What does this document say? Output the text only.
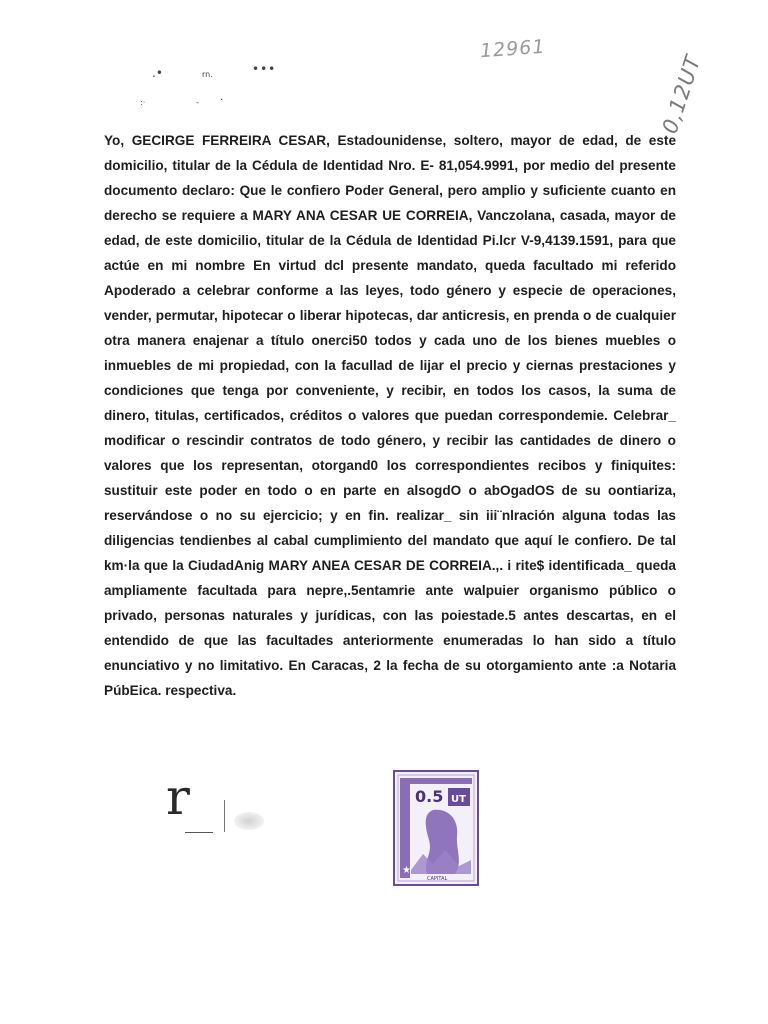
12961
0,12UT
.•	rn.	•••
:·	- .

Yo, GECIRGE FERREIRA CESAR, Estadounidense, soltero, mayor de edad, de este domicilio, titular de la Cédula de Identidad Nro. E- 81,054.9991, por medio del presente documento declaro: Que le confiero Poder General, pero amplio y suficiente cuanto en derecho se requiere a MARY ANA CESAR UE CORREIA, Vanczolana, casada, mayor de edad, de este domicilio, titular de la Cédula de Identidad Pi.lcr V-9,4139.1591, para que actúe en mi nombre En virtud dcl presente mandato, queda facultado mi referido Apoderado a celebrar conforme a las leyes, todo género y especie de operaciones, vender, permutar, hipotecar o liberar hipotecas, dar anticresis, en prenda o de cualquier otra manera enajenar a título onerci50 todos y cada uno de los bienes muebles o inmuebles de mi propiedad, con la facullad de lijar el precio y ciernas prestaciones y condiciones que tenga por conveniente, y recibir, en todos los casos, la suma de dinero, titulas, certificados, créditos o valores que puedan correspondemie. Celebrar_ modificar o rescindir contratos de todo género, y recibir las cantidades de dinero o valores que los representan, otorgand0 los correspondientes recibos y finiquites: sustituir este poder en todo o en parte en alsogdO o abOgadOS de su oontiariza, reservándose o no su ejercicio; y en fin. realizar_ sin iii¨nlración alguna todas las diligencias tendienbes al cabal cumplimiento del mandato que aquí le confiero. De tal km·la que la CiudadAnig MARY ANEA CESAR DE CORREIA.,. i rite$ identificada_ queda ampliamente facultada para nepre,.5entamrie ante walpuier organismo público o privado, personas naturales y jurídicas, con las poiestade.5 antes descartas, en el entendido de que las facultades anteriormente enumeradas lo han sido a título enunciativo y no limitativo. En Caracas, 2 la fecha de su otorgamiento ante :a Notaria PúbEica. respectiva.

r	0.5 UT
★
CAPITAL
